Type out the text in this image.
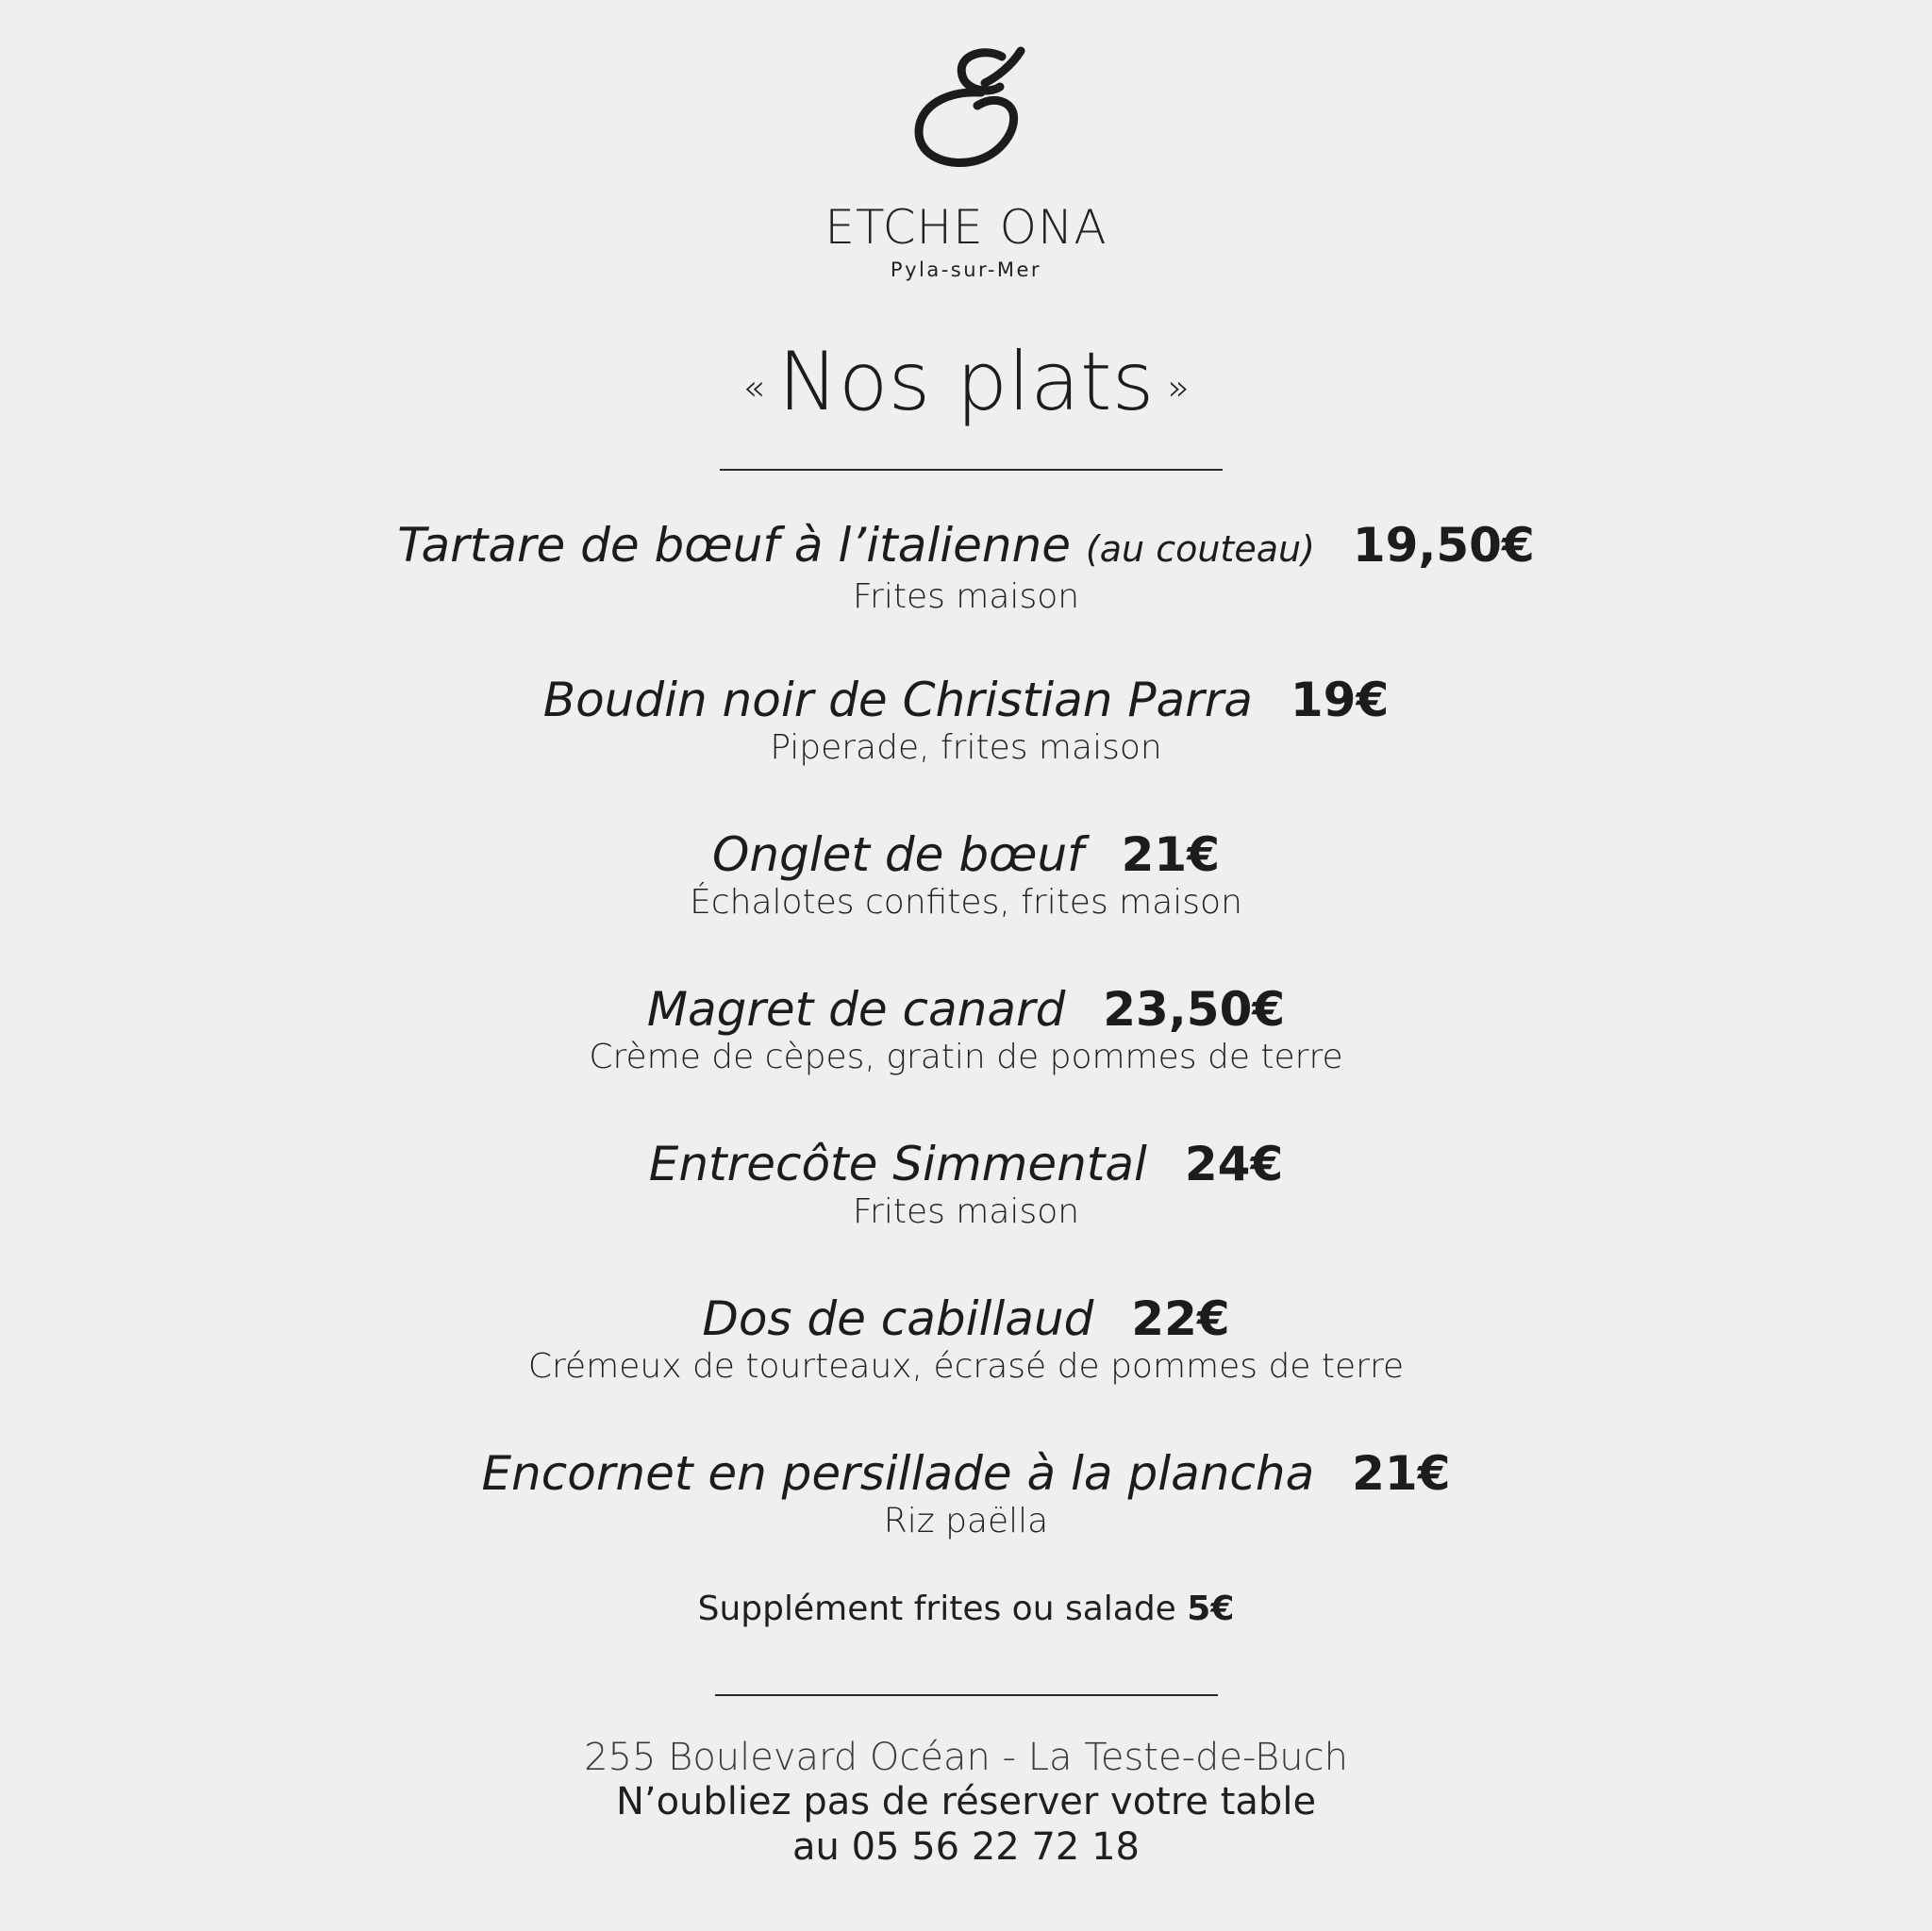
ETCHE ONA
Pyla-sur-Mer
« Nos plats »
Tartare de bœuf à l’italienne (au couteau) 19,50€
Frites maison
Boudin noir de Christian Parra 19€
Piperade, frites maison
Onglet de bœuf 21€
Échalotes confites, frites maison
Magret de canard 23,50€
Crème de cèpes, gratin de pommes de terre
Entrecôte Simmental 24€
Frites maison
Dos de cabillaud 22€
Crémeux de tourteaux, écrasé de pommes de terre
Encornet en persillade à la plancha 21€
Riz paëlla
Supplément frites ou salade 5€
255 Boulevard Océan - La Teste-de-Buch
N’oubliez pas de réserver votre table
au 05 56 22 72 18
